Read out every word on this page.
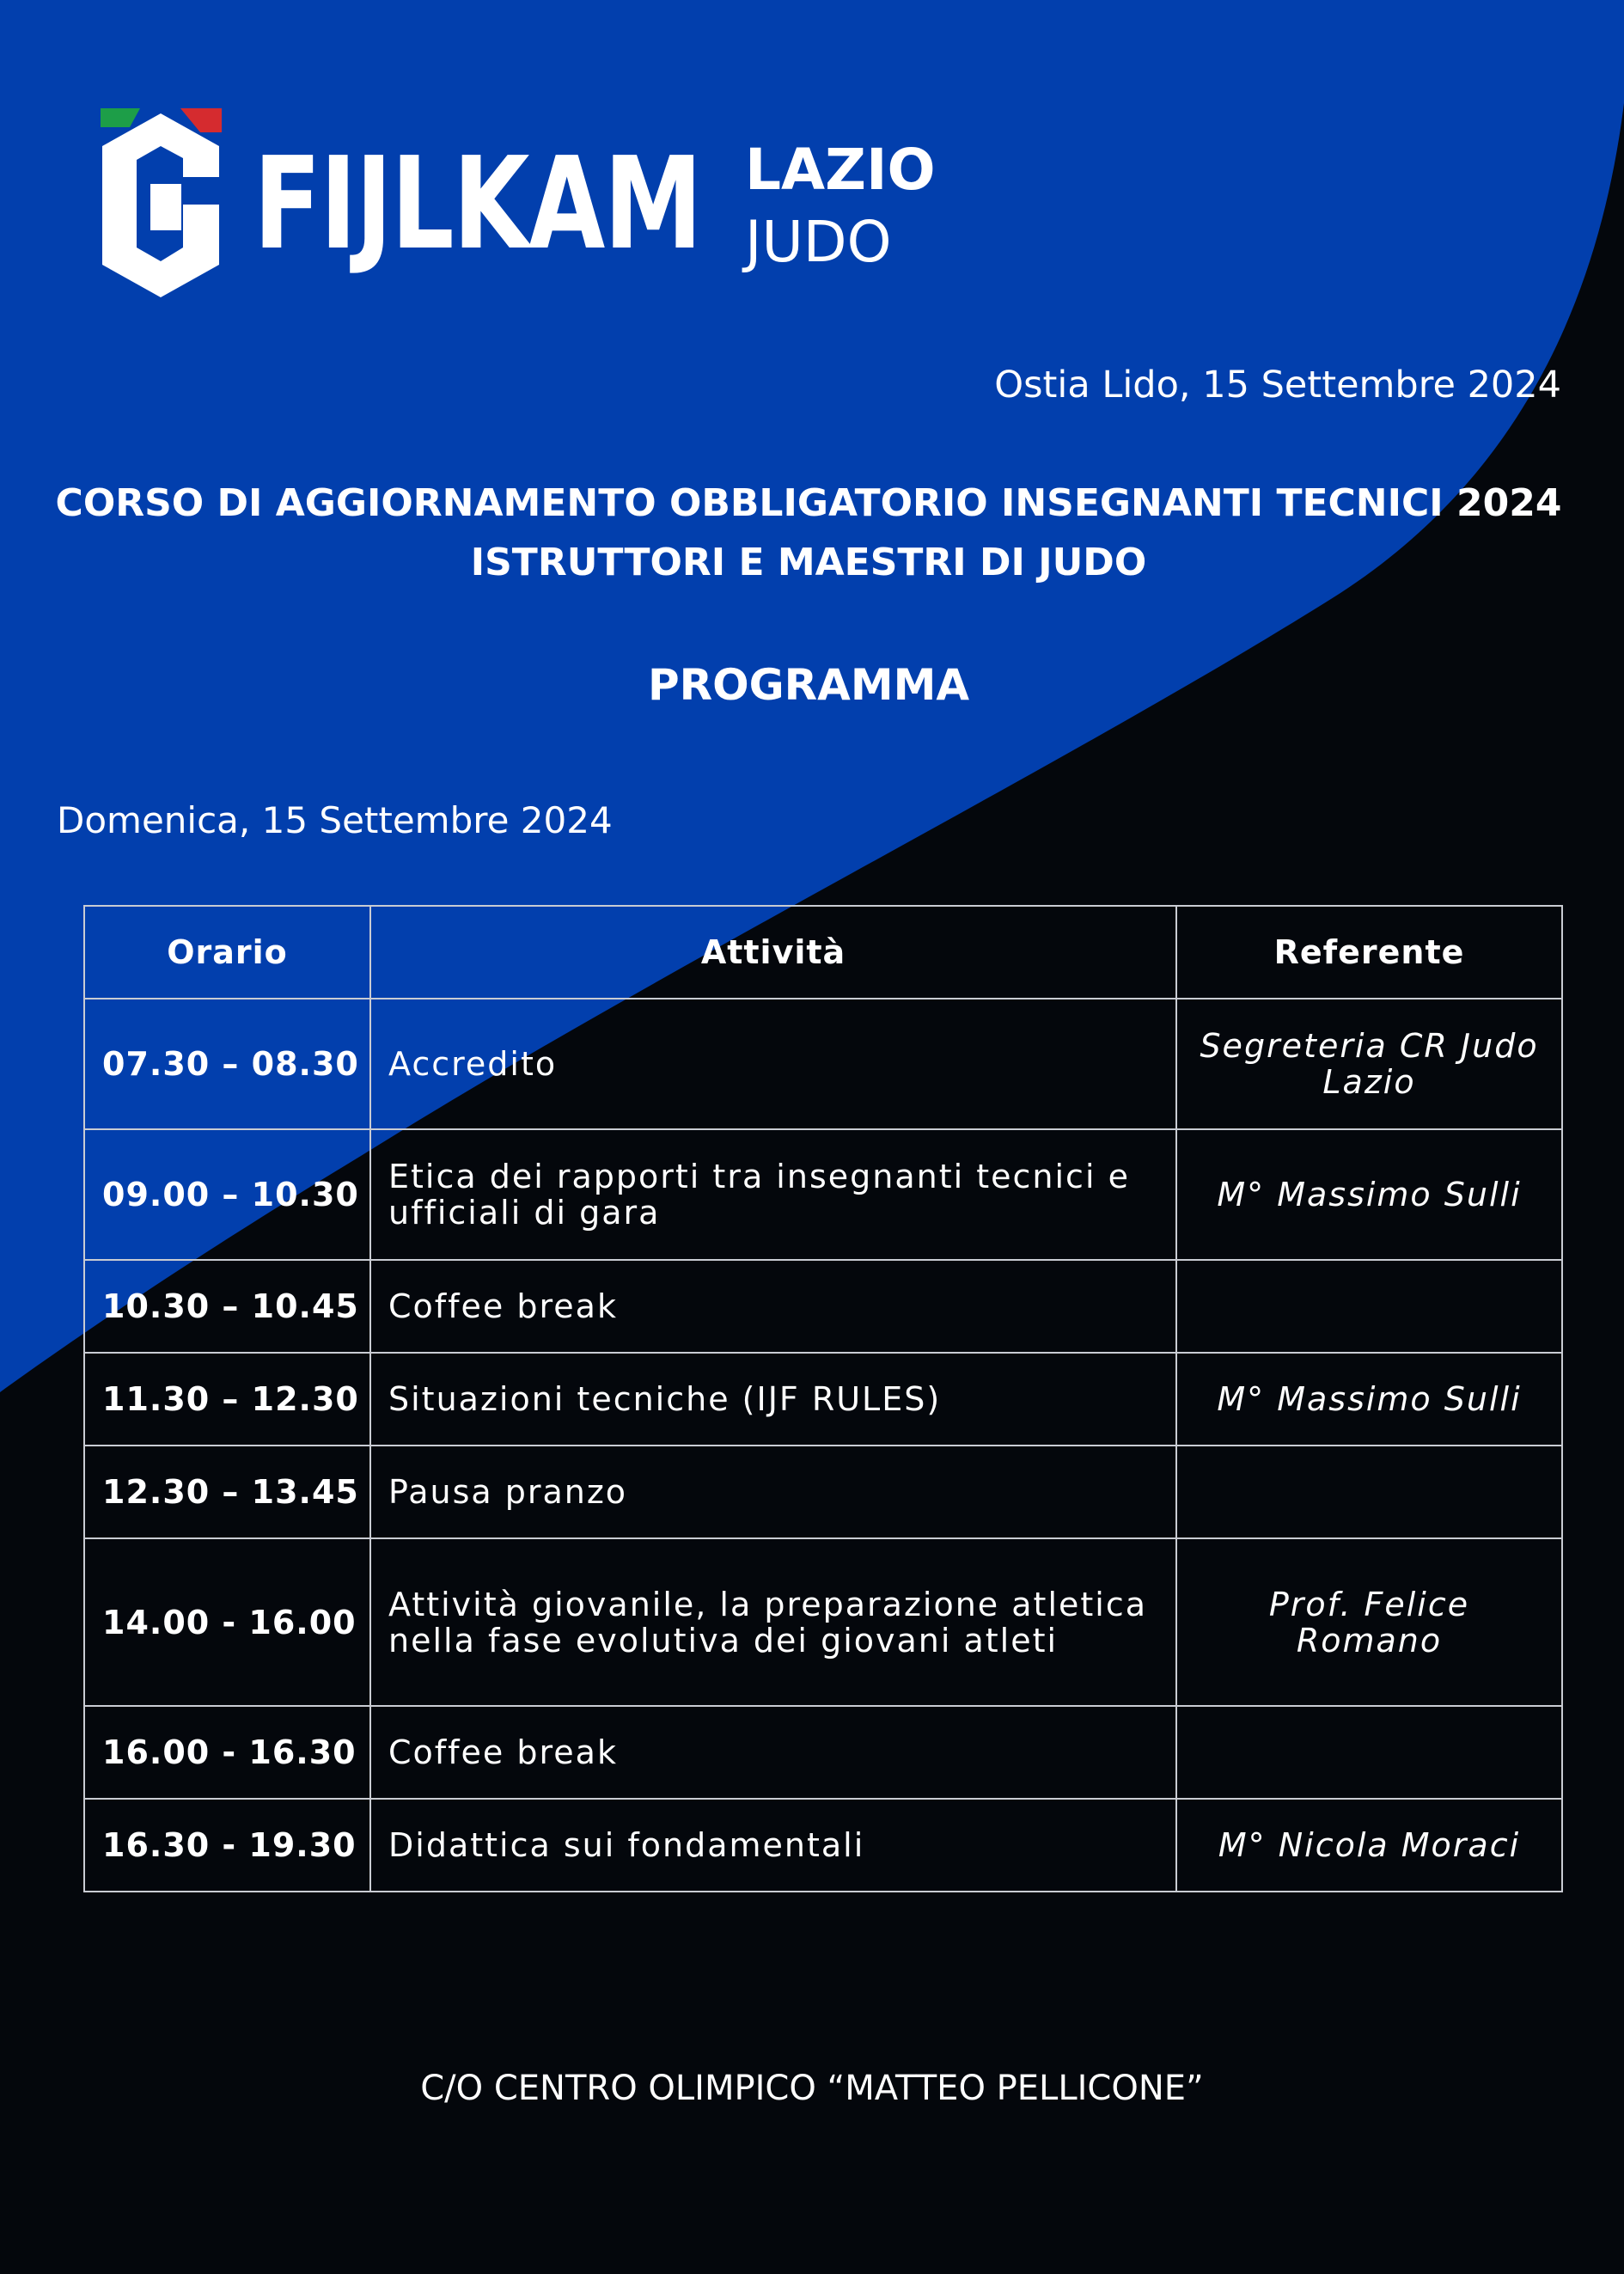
FIJLKAM LAZIO
JUDO
Ostia Lido, 15 Settembre 2024
CORSO DI AGGIORNAMENTO OBBLIGATORIO INSEGNANTI TECNICI 2024
ISTRUTTORI E MAESTRI DI JUDO
PROGRAMMA
Domenica, 15 Settembre 2024
Orario	Attività	Referente
07.30 – 08.30	Accredito	Segreteria CR Judo Lazio
09.00 – 10.30	Etica dei rapporti tra insegnanti tecnici e ufficiali di gara	M° Massimo Sulli
10.30 – 10.45	Coffee break	
11.30 – 12.30	Situazioni tecniche (IJF RULES)	M° Massimo Sulli
12.30 – 13.45	Pausa pranzo	
14.00 - 16.00	Attività giovanile, la preparazione atletica nella fase evolutiva dei giovani atleti	Prof. Felice Romano
16.00 - 16.30	Coffee break	
16.30 - 19.30	Didattica sui fondamentali	M° Nicola Moraci
C/O CENTRO OLIMPICO “MATTEO PELLICONE”
